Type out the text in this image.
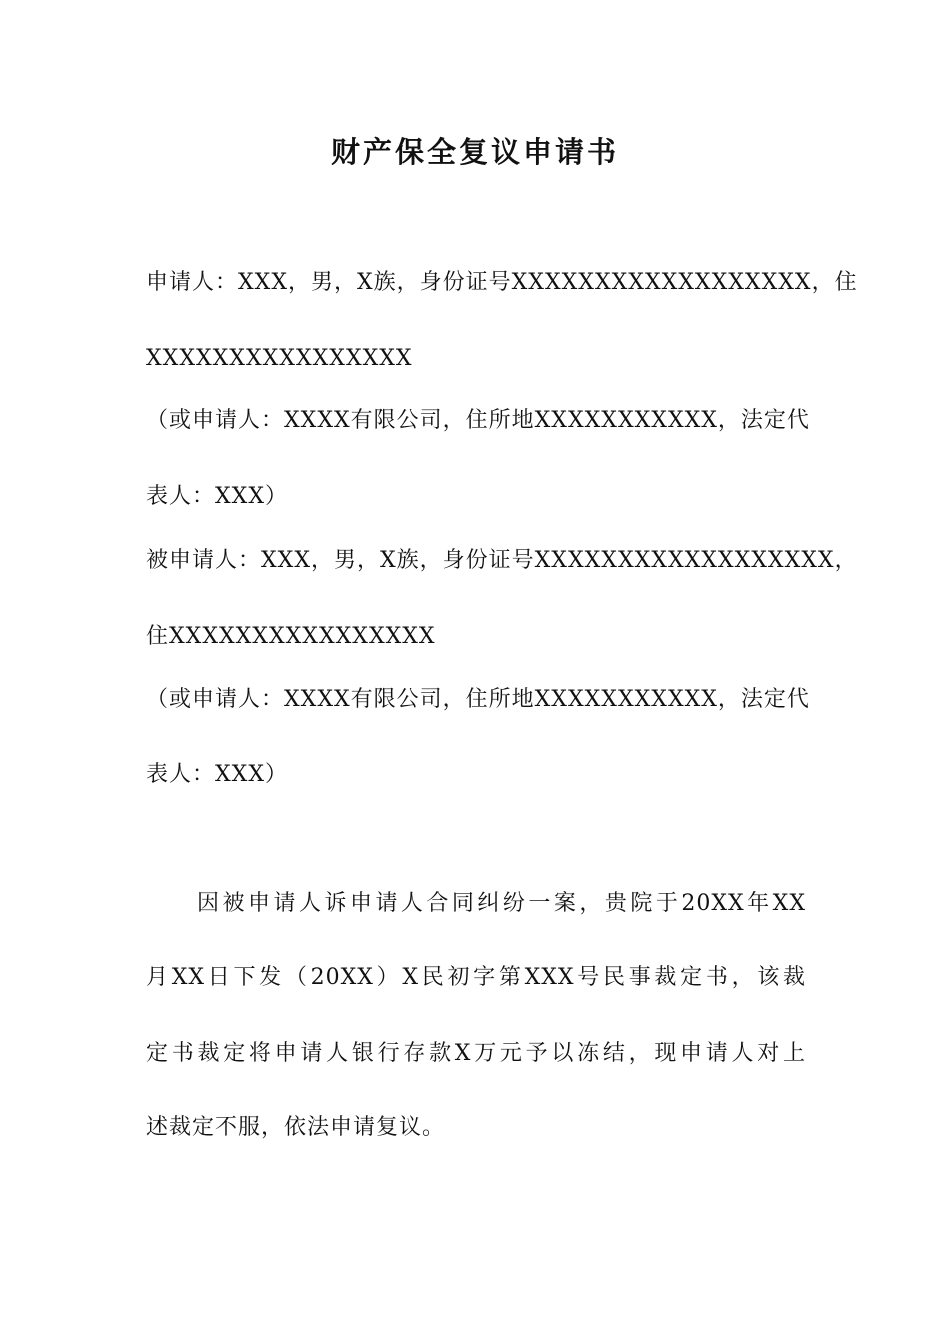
财产保全复议申请书
申请人：XXX，男，X族，身份证号XXXXXXXXXXXXXXXXXX，住
XXXXXXXXXXXXXXXX
（或申请人：XXXX有限公司，住所地XXXXXXXXXXX，法定代
表人：XXX）
被申请人：XXX，男，X族，身份证号XXXXXXXXXXXXXXXXXX，
住XXXXXXXXXXXXXXXX
（或申请人：XXXX有限公司，住所地XXXXXXXXXXX，法定代
表人：XXX）
　　因被申请人诉申请人合同纠纷一案，贵院于20XX年XX
月XX日下发（20XX）X民初字第XXX号民事裁定书，该裁
定书裁定将申请人银行存款X万元予以冻结，现申请人对上
述裁定不服，依法申请复议。
